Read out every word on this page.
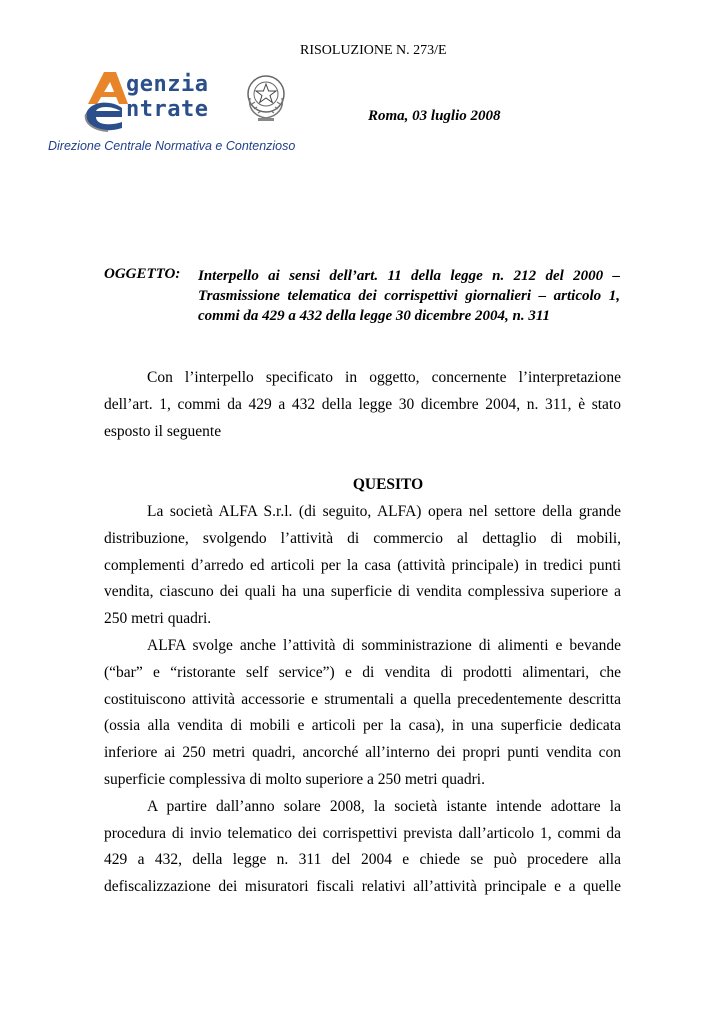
RISOLUZIONE N. 273/E
genzia
ntrate
Direzione Centrale Normativa e Contenzioso
Roma, 03 luglio 2008
OGGETTO: Interpello ai sensi dell’art. 11 della legge n. 212 del 2000 –
Trasmissione telematica dei corrispettivi giornalieri – articolo 1,
commi da 429 a 432 della legge 30 dicembre 2004, n. 311

Con l’interpello specificato in oggetto, concernente l’interpretazione
dell’art. 1, commi da 429 a 432 della legge 30 dicembre 2004, n. 311, è stato
esposto il seguente

QUESITO

La società ALFA S.r.l. (di seguito, ALFA) opera nel settore della grande
distribuzione, svolgendo l’attività di commercio al dettaglio di mobili,
complementi d’arredo ed articoli per la casa (attività principale) in tredici punti
vendita, ciascuno dei quali ha una superficie di vendita complessiva superiore a
250 metri quadri.

ALFA svolge anche l’attività di somministrazione di alimenti e bevande
(“bar” e “ristorante self service”) e di vendita di prodotti alimentari, che
costituiscono attività accessorie e strumentali a quella precedentemente descritta
(ossia alla vendita di mobili e articoli per la casa), in una superficie dedicata
inferiore ai 250 metri quadri, ancorché all’interno dei propri punti vendita con
superficie complessiva di molto superiore a 250 metri quadri.

A partire dall’anno solare 2008, la società istante intende adottare la
procedura di invio telematico dei corrispettivi prevista dall’articolo 1, commi da
429 a 432, della legge n. 311 del 2004 e chiede se può procedere alla
defiscalizzazione dei misuratori fiscali relativi all’attività principale e a quelle
